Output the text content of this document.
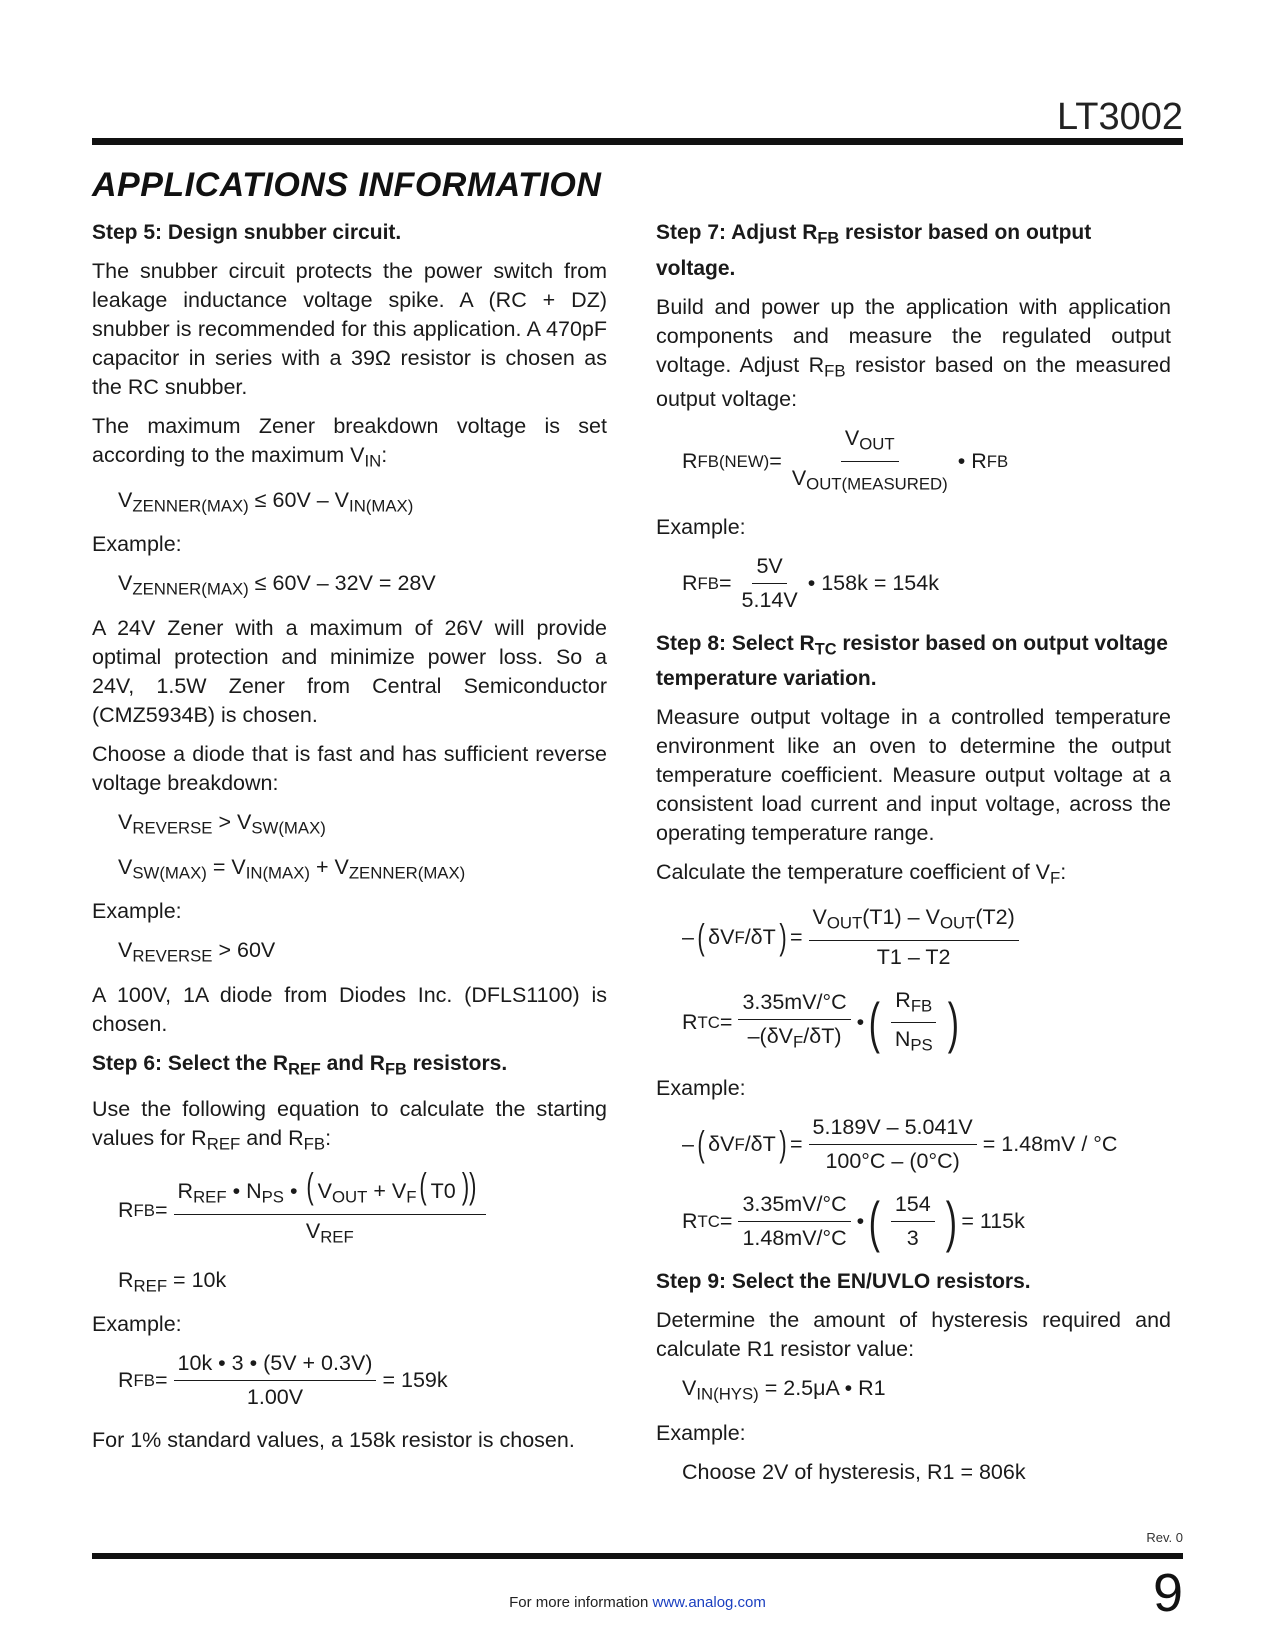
LT3002
APPLICATIONS INFORMATION
Step 5: Design snubber circuit.
The snubber circuit protects the power switch from leakage inductance voltage spike. A (RC + DZ) snubber is recommended for this application. A 470pF capacitor in series with a 39Ω resistor is chosen as the RC snubber.
The maximum Zener breakdown voltage is set according to the maximum $V_{IN}$:
$V_{ZENNER(MAX)} \le 60V - V_{IN(MAX)}$
Example:
$V_{ZENNER(MAX)} \le 60V - 32V = 28V$
A 24V Zener with a maximum of 26V will provide optimal protection and minimize power loss. So a 24V, 1.5W Zener from Central Semiconductor (CMZ5934B) is chosen.
Choose a diode that is fast and has sufficient reverse voltage breakdown:
$V_{REVERSE} > V_{SW(MAX)}$
$V_{SW(MAX)} = V_{IN(MAX)} + V_{ZENNER(MAX)}$
Example:
$V_{REVERSE} > 60V$
A 100V, 1A diode from Diodes Inc. (DFLS1100) is chosen.
Step 6: Select the $R_{REF}$ and $R_{FB}$ resistors.
Use the following equation to calculate the starting values for $R_{REF}$ and $R_{FB}$:
R FB = $\frac{R_{REF} • N_{PS} • ( V_{OUT} + V_F( T0 ))}{V_{REF}}$
$R_{REF} = 10k$
Example:
R FB = $\frac{10k • 3 • (5V + 0.3V)}{1.00V} = 159k$
For 1% standard values, a 158k resistor is chosen.
Step 7: Adjust $R_{FB}$ resistor based on output voltage.
Build and power up the application with application components and measure the regulated output voltage. Adjust $R_{FB}$ resistor based on the measured output voltage:
R $FB(NEW) = \frac{V_{OUT}}{V_{OUT(MEASURED)}}$ • R FB
Example:
R FB = $\frac{5V}{5.14V}$ • 158k = 154k
Step 8: Select $R_{TC}$ resistor based on output voltage temperature variation.
Measure output voltage in a controlled temperature environment like an oven to determine the output temperature coefficient. Measure output voltage at a consistent load current and input voltage, across the operating temperature range.
Calculate the temperature coefficient of $V_F$:
– ( δV F /δT ) = $\frac{V_{OUT}(T1) - V_{OUT}(T2)}{T1 - T2}$
R TC = $\frac{3.35mV/^\circ C}{-(\delta V_F/\delta T)}$ • ( $\frac{R_{FB}}{N_{PS}}$ )
Example:
– ( δV F /δT ) = $\frac{5.189V - 5.041V}{100^\circ C - (0^\circ C)} = 1.48mV / ^\circ C$
R TC = $\frac{3.35mV/^\circ C}{1.48mV/^\circ C}$ • ( $\frac{154}{3}$ ) = 115k
Step 9: Select the EN/UVLO resistors.
Determine the amount of hysteresis required and calculate R1 resistor value:
$V_{IN(HYS)} = 2.5\mu A$ • R1
Example:
Choose 2V of hysteresis, R1 = 806k
Rev. 0
For more information www.analog.com	9
